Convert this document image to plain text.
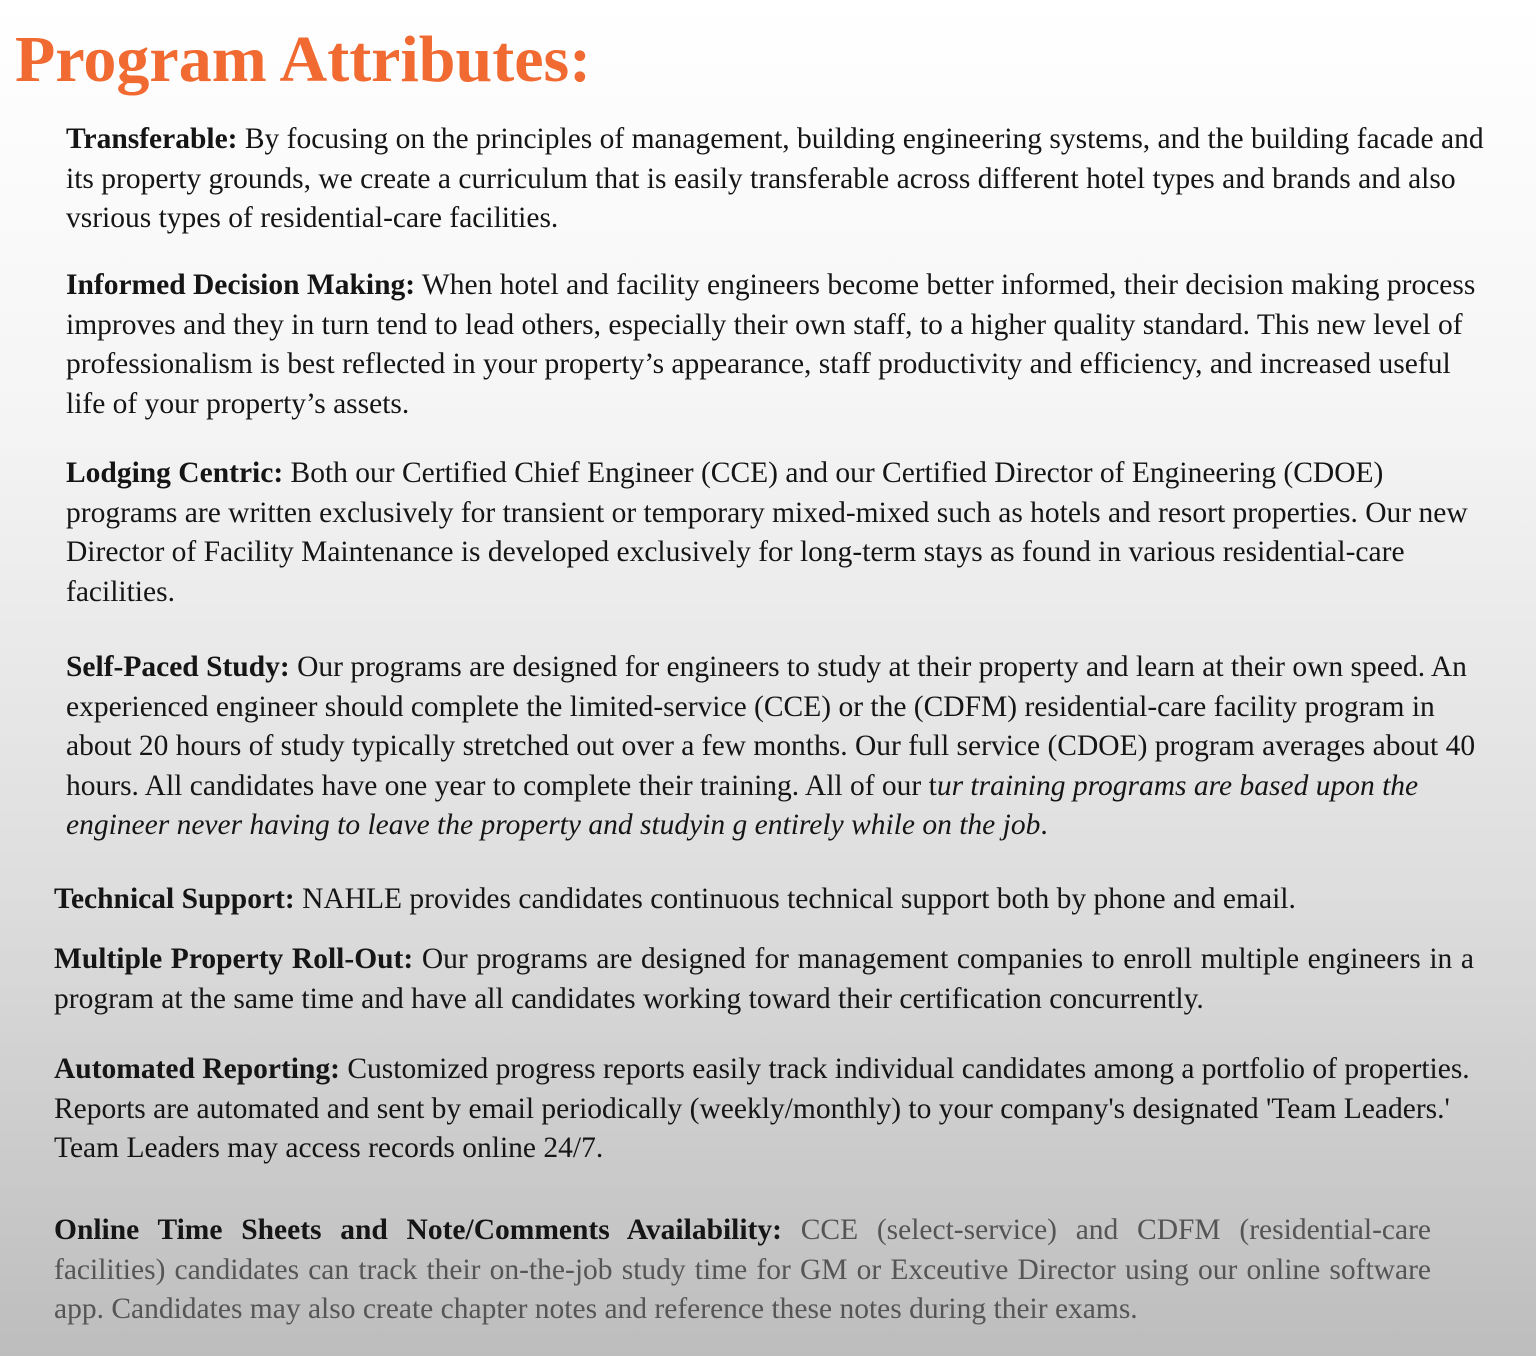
Program Attributes:

Transferable: By focusing on the principles of management, building engineering systems, and the building facade and its property grounds, we create a curriculum that is easily transferable across different hotel types and brands and also vsrious types of residential-care facilities.

Informed Decision Making: When hotel and facility engineers become better informed, their decision making process improves and they in turn tend to lead others, especially their own staff, to a higher quality standard. This new level of professionalism is best reflected in your property’s appearance, staff productivity and efficiency, and increased useful life of your property’s assets.

Lodging Centric: Both our Certified Chief Engineer (CCE) and our Certified Director of Engineering (CDOE) programs are written exclusively for transient or temporary mixed-mixed such as hotels and resort properties. Our new Director of Facility Maintenance is developed exclusively for long-term stays as found in various residential-care facilities.

Self-Paced Study: Our programs are designed for engineers to study at their property and learn at their own speed. An experienced engineer should complete the limited-service (CCE) or the (CDFM) residential-care facility program in about 20 hours of study typically stretched out over a few months. Our full service (CDOE) program averages about 40 hours. All candidates have one year to complete their training. All of our tur training programs are based upon the engineer never having to leave the property and studyin g entirely while on the job.

Technical Support: NAHLE provides candidates continuous technical support both by phone and email.

Multiple Property Roll-Out: Our programs are designed for management companies to enroll multiple engineers in a program at the same time and have all candidates working toward their certification concurrently.

Automated Reporting: Customized progress reports easily track individual candidates among a portfolio of properties. Reports are automated and sent by email periodically (weekly/monthly) to your company's designated 'Team Leaders.' Team Leaders may access records online 24/7.

Online Time Sheets and Note/Comments Availability: CCE (select-service) and CDFM (residential-care facilities) candidates can track their on-the-job study time for GM or Exceutive Director using our online software app. Candidates may also create chapter notes and reference these notes during their exams.
